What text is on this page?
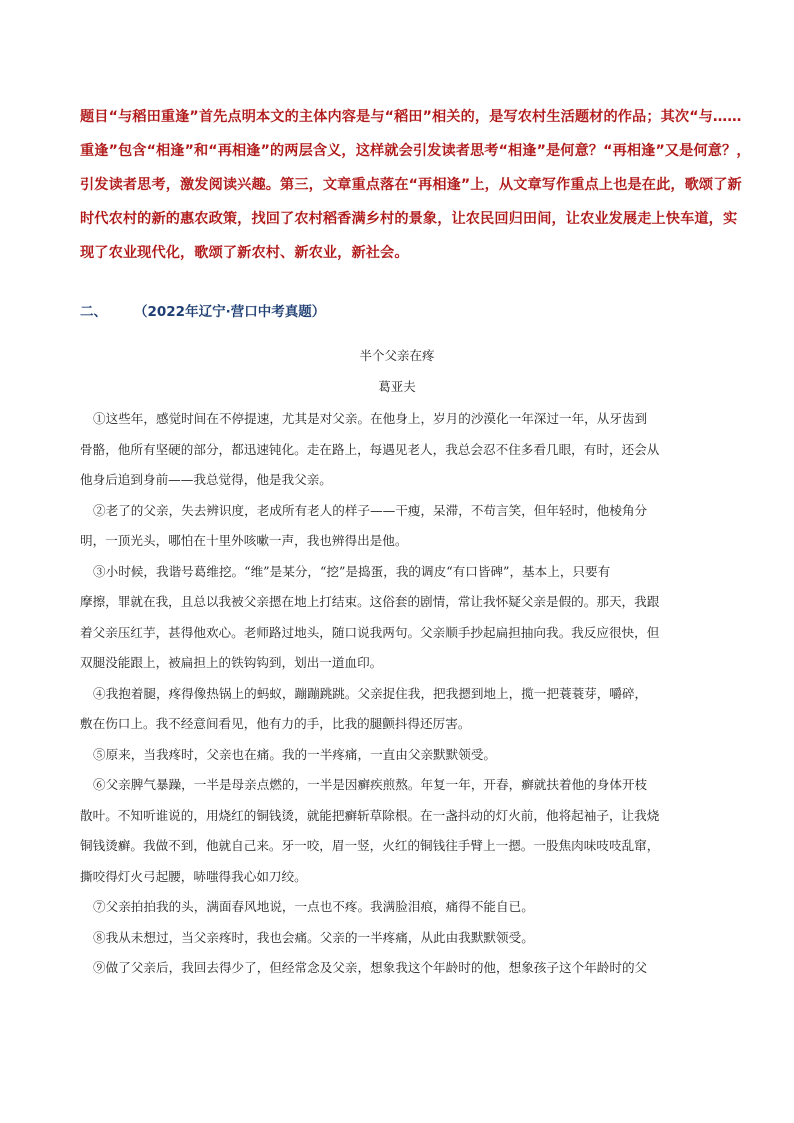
题目“与稻田重逢”首先点明本文的主体内容是与“稻田”相关的，是写农村生活题材的作品；其次“与……

重逢”包含“相逢”和“再相逢”的两层含义，这样就会引发读者思考“相逢”是何意？“再相逢”又是何意？，

引发读者思考，激发阅读兴趣。第三，文章重点落在“再相逢”上，从文章写作重点上也是在此，歌颂了新

时代农村的新的惠农政策，找回了农村稻香满乡村的景象，让农民回归田间，让农业发展走上快车道，实

现了农业现代化，歌颂了新农村、新农业，新社会。

二、 （2022年辽宁·营口中考真题）
半个父亲在疼
葛亚夫
①这些年，感觉时间在不停提速，尤其是对父亲。在他身上，岁月的沙漠化一年深过一年，从牙齿到
骨骼，他所有坚硬的部分，都迅速钝化。走在路上，每遇见老人，我总会忍不住多看几眼，有时，还会从
他身后追到身前——我总觉得，他是我父亲。
②老了的父亲，失去辨识度，老成所有老人的样子——干瘦，呆滞，不苟言笑，但年轻时，他棱角分
明，一顶光头，哪怕在十里外咳嗽一声，我也辨得出是他。
③小时候，我谐号葛维挖。“维”是某分，“挖”是捣蛋，我的调皮“有口皆碑”，基本上，只要有
摩擦，罪就在我，且总以我被父亲摁在地上打结束。这俗套的剧情，常让我怀疑父亲是假的。那天，我跟
着父亲压红芋，甚得他欢心。老师路过地头，随口说我两句。父亲顺手抄起扁担抽向我。我反应很快，但
双腿没能跟上，被扁担上的铁钩钩到，划出一道血印。
④我抱着腿，疼得像热锅上的蚂蚁，蹦蹦跳跳。父亲捉住我，把我摁到地上，揽一把蓑蓑芽，嚼碎，
敷在伤口上。我不经意间看见，他有力的手，比我的腿颤抖得还厉害。
⑤原来，当我疼时，父亲也在痛。我的一半疼痛，一直由父亲默默领受。
⑥父亲脾气暴躁，一半是母亲点燃的，一半是因癣疾煎熬。年复一年，开春，癣就扶着他的身体开枝
散叶。不知听谁说的，用烧红的铜钱烫，就能把癣斩草除根。在一盏抖动的灯火前，他将起袖子，让我烧
铜钱烫癣。我做不到，他就自己来。牙一咬，眉一竖，火红的铜钱往手臂上一摁。一股焦肉味吱吱乱窜，
撕咬得灯火弓起腰，哧嗤得我心如刀绞。
⑦父亲拍拍我的头，满面春风地说，一点也不疼。我满脸泪痕，痛得不能自已。
⑧我从未想过，当父亲疼时，我也会痛。父亲的一半疼痛，从此由我默默领受。
⑨做了父亲后，我回去得少了，但经常念及父亲，想象我这个年龄时的他，想象孩子这个年龄时的父
